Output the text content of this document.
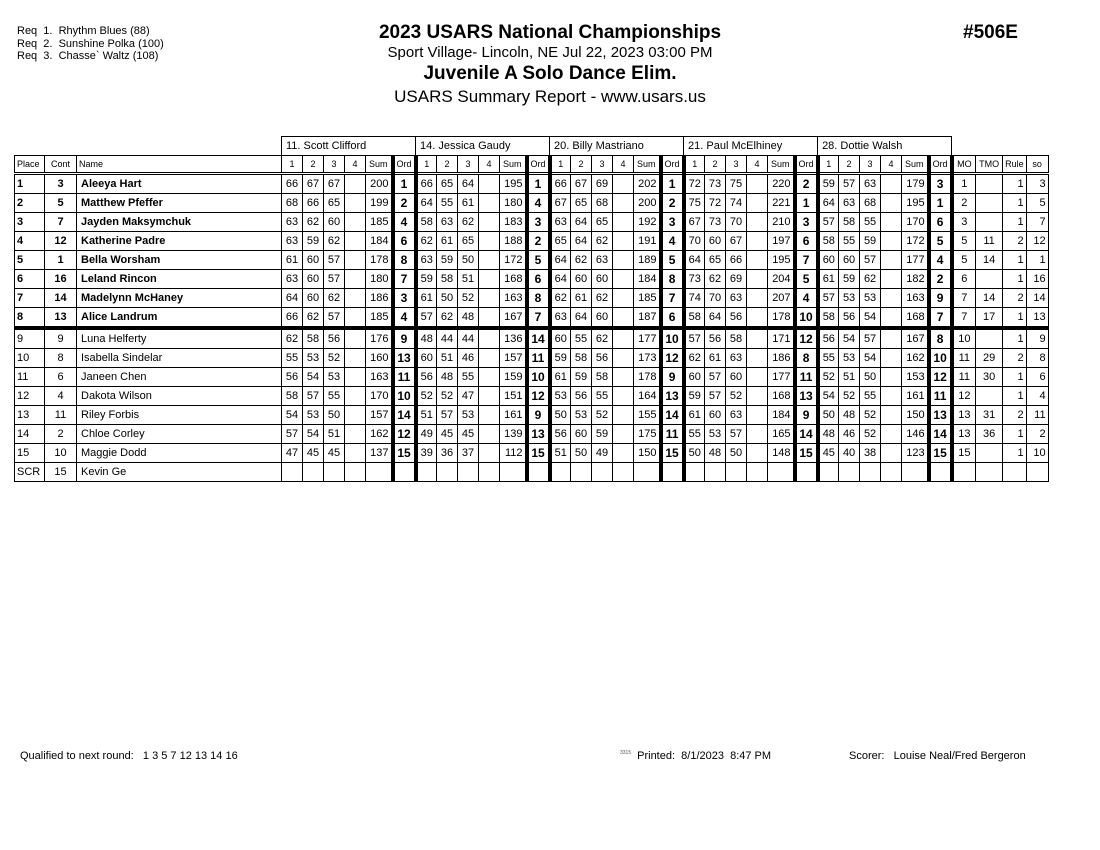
Req  1.  Rhythm Blues (88)
Req  2.  Sunshine Polka (100)
Req  3.  Chasse` Waltz (108)
2023 USARS National Championships
Sport Village- Lincoln, NE Jul 22, 2023 03:00 PM
Juvenile A Solo Dance Elim.
USARS Summary Report - www.usars.us
#506E
			11. Scott Clifford						14. Jessica Gaudy						20. Billy Mastriano						21. Paul McElhiney						28. Dottie Walsh									
Place	Cont	Name	1	2	3	4	Sum	Ord	1	2	3	4	Sum	Ord	1	2	3	4	Sum	Ord	1	2	3	4	Sum	Ord	1	2	3	4	Sum	Ord	MO	TMO	Rule	so
1	3	Aleeya Hart	66	67	67		200	1	66	65	64		195	1	66	67	69		202	1	72	73	75		220	2	59	57	63		179	3	1		1	3
2	5	Matthew Pfeffer	68	66	65		199	2	64	55	61		180	4	67	65	68		200	2	75	72	74		221	1	64	63	68		195	1	2		1	5
3	7	Jayden Maksymchuk	63	62	60		185	4	58	63	62		183	3	63	64	65		192	3	67	73	70		210	3	57	58	55		170	6	3		1	7
4	12	Katherine Padre	63	59	62		184	6	62	61	65		188	2	65	64	62		191	4	70	60	67		197	6	58	55	59		172	5	5	11	2	12
5	1	Bella Worsham	61	60	57		178	8	63	59	50		172	5	64	62	63		189	5	64	65	66		195	7	60	60	57		177	4	5	14	1	1
6	16	Leland Rincon	63	60	57		180	7	59	58	51		168	6	64	60	60		184	8	73	62	69		204	5	61	59	62		182	2	6		1	16
7	14	Madelynn McHaney	64	60	62		186	3	61	50	52		163	8	62	61	62		185	7	74	70	63		207	4	57	53	53		163	9	7	14	2	14
8	13	Alice Landrum	66	62	57		185	4	57	62	48		167	7	63	64	60		187	6	58	64	56		178	10	58	56	54		168	7	7	17	1	13
9	9	Luna Helferty	62	58	56		176	9	48	44	44		136	14	60	55	62		177	10	57	56	58		171	12	56	54	57		167	8	10		1	9
10	8	Isabella Sindelar	55	53	52		160	13	60	51	46		157	11	59	58	56		173	12	62	61	63		186	8	55	53	54		162	10	11	29	2	8
11	6	Janeen Chen	56	54	53		163	11	56	48	55		159	10	61	59	58		178	9	60	57	60		177	11	52	51	50		153	12	11	30	1	6
12	4	Dakota Wilson	58	57	55		170	10	52	52	47		151	12	53	56	55		164	13	59	57	52		168	13	54	52	55		161	11	12		1	4
13	11	Riley Forbis	54	53	50		157	14	51	57	53		161	9	50	53	52		155	14	61	60	63		184	9	50	48	52		150	13	13	31	2	11
14	2	Chloe Corley	57	54	51		162	12	49	45	45		139	13	56	60	59		175	11	55	53	57		165	14	48	46	52		146	14	13	36	1	2
15	10	Maggie Dodd	47	45	45		137	15	39	36	37		112	15	51	50	49		150	15	50	48	50		148	15	45	40	38		123	15	15		1	10
SCR	15	Kevin Ge																																		
Qualified to next round:   1 3 5 7 12 13 14 16	$^{3315}$ Printed:  8/1/2023  8:47 PM	Scorer:   Louise Neal/Fred Bergeron
